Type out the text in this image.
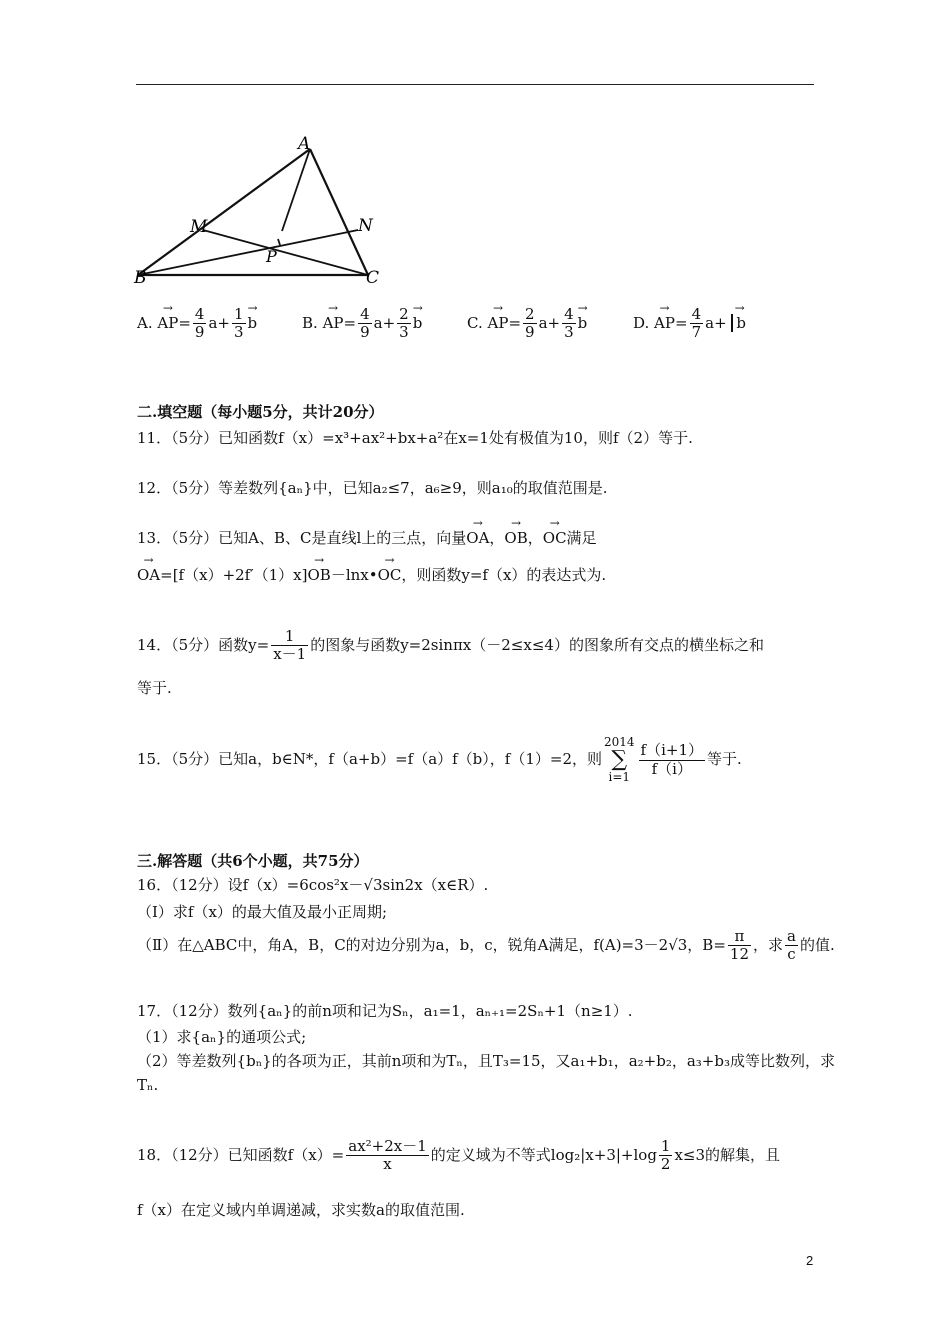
A
M	N
P
B	C
A. → $AP= \frac{4}{9} a+ \frac{1}{3}$
→ b	B. → $AP= \frac{4}{9} a+ \frac{2}{3}$
→ b	C. → $AP= \frac{2}{9} a+ \frac{4}{3}$
→ b	D. → $AP= \frac{4}{7} a+ \to b$
二.填空题（每小题5分，共计20分）
11．（5分）已知函数f（x）=x³+ax²+bx+a²在x=1处有极值为10，则f（2）等于.
12．（5分）等差数列{aₙ}中，已知a₂≤7，a₆≥9，则a₁₀的取值范围是.
13．（5分）已知A、B、C是直线l上的三点，向量→ OA，→ OB，→ OC满足
→ OA=[f（x）+2f′（1）x]→ OB－lnx•→ OC，则函数y=f（x）的表达式为.
14．（5分）函数$y= \frac{1}{x-1}$ 的图象与函数y=2sinπx（－2≤x≤4）的图象所有交点的横坐标之和
等于.
15．（5分）已知a，b∈N*，f（a+b）=f（a）f（b），f（1）=2，则2014
∑
$i=1 \frac{f(i+1)}{f(i)}$ 等于.
三.解答题（共6个小题，共75分）
16．（12分）设f（x）=6cos²x－√3sin2x（x∈R）.
（Ⅰ）求f（x）的最大值及最小正周期;
（Ⅱ）在△ABC中，角A，B，C的对边分别为a，b，c，锐角A满足，f(A)=3－2√3，$B= \frac{\pi}{12}$ ，求 $\frac{a}{c}$ 的值.
17．（12分）数列{aₙ}的前n项和记为Sₙ，a₁=1，aₙ₊₁=2Sₙ+1（n≥1）.
（1）求{aₙ}的通项公式;
（2）等差数列{bₙ}的各项为正，其前n项和为Tₙ，且T₃=15，又a₁+b₁，a₂+b₂，a₃+b₃成等比数列，求
Tₙ.
18．（12分）已知函数$f(x)= \frac{\text{ax²+2x－1}}{x}$ 的定义域为不等式$\log_2|x+3|+\log \frac{1}{2} x\le 3$的解集，且
f（x）在定义域内单调递减，求实数a的取值范围.
2
